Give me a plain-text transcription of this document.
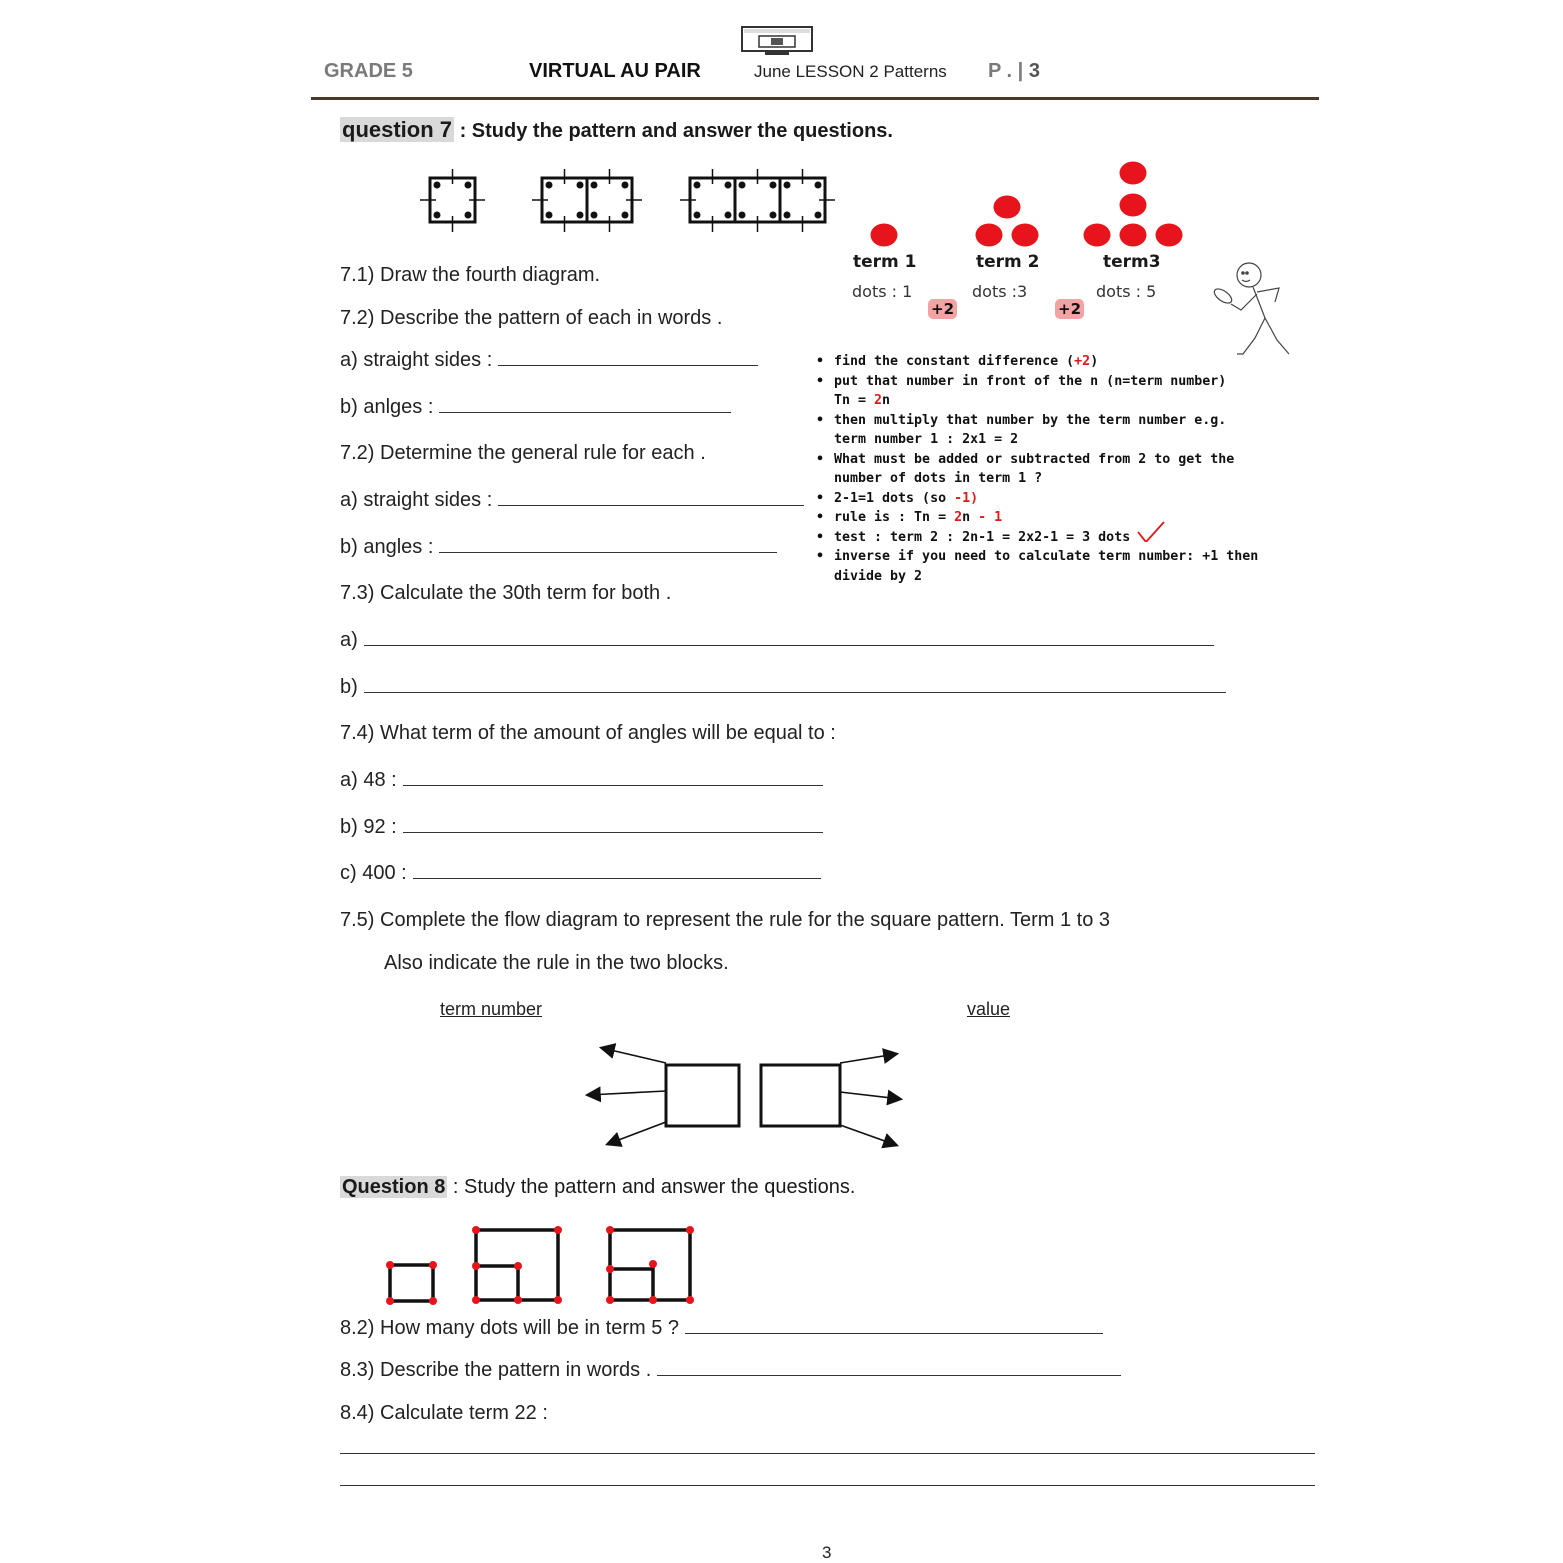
GRADE 5	VIRTUAL AU PAIR	June LESSON 2 Patterns P . | 3
question 7 : Study the pattern and answer the questions.
7.1) Draw the fourth diagram.
7.2) Describe the pattern of each in words .
a) straight sides :
b) anlges :
7.2) Determine the general rule for each .
a) straight sides :
b) angles :
7.3) Calculate the 30th term for both .
a)
b)
7.4) What term of the amount of angles will be equal to :
a) 48 :
b) 92 :
c) 400 :
7.5) Complete the flow diagram to represent the rule for the square pattern. Term 1 to 3
Also indicate the rule in the two blocks.
term number	value
term 1	term 2	term3
dots : 1	dots :3	dots : 5
+2	+2
• find the constant difference (+2)
• put that number in front of the n (n=term number)
Tn = 2n
• then multiply that number by the term number e.g.
term number 1 : 2x1 = 2
• What must be added or subtracted from 2 to get the
number of dots in term 1 ?
• 2-1=1 dots (so -1)
• rule is : Tn = 2n - 1
• test : term 2 : 2n-1 = 2x2-1 = 3 dots
• inverse if you need to calculate term number: +1 then
divide by 2
Question 8 : Study the pattern and answer the questions.
8.2) How many dots will be in term 5 ?
8.3) Describe the pattern in words .
8.4) Calculate term 22 :
3
